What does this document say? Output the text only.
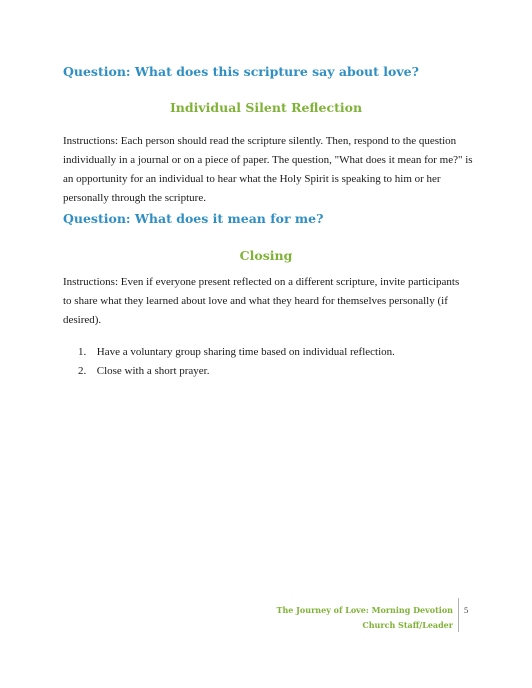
Question: What does this scripture say about love?
Individual Silent Reflection

Instructions: Each person should read the scripture silently. Then, respond to the question
individually in a journal or on a piece of paper. The question, "What does it mean for me?" is
an opportunity for an individual to hear what the Holy Spirit is speaking to him or her
personally through the scripture.

Question: What does it mean for me?
Closing

Instructions: Even if everyone present reflected on a different scripture, invite participants
to share what they learned about love and what they heard for themselves personally (if
desired).

1. Have a voluntary group sharing time based on individual reflection.
2. Close with a short prayer.
The Journey of Love: Morning Devotion
Church Staff/Leader
5
